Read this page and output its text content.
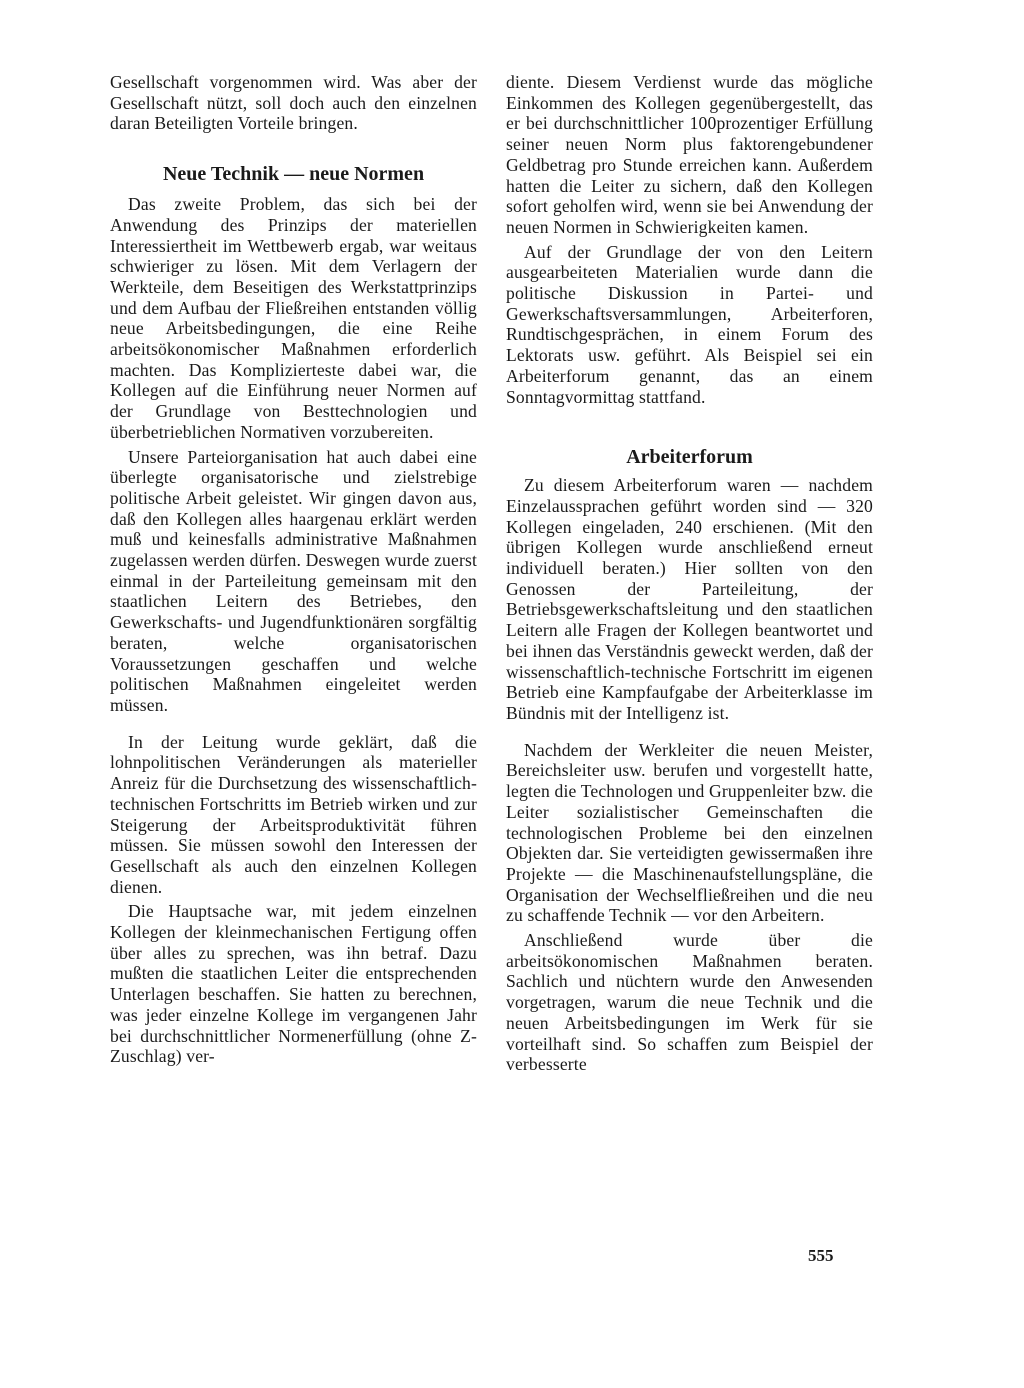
Gesellschaft vorgenommen wird. Was aber der Gesellschaft nützt, soll doch auch den einzelnen daran Beteiligten Vorteile bringen.

Neue Technik — neue Normen

Das zweite Problem, das sich bei der Anwendung des Prinzips der materiellen Interessiertheit im Wettbewerb ergab, war weitaus schwieriger zu lösen. Mit dem Verlagern der Werkteile, dem Beseitigen des Werkstattprinzips und dem Aufbau der Fließreihen entstanden völlig neue Arbeitsbedingungen, die eine Reihe arbeitsökonomischer Maßnahmen erforderlich machten. Das Komplizierteste dabei war, die Kollegen auf die Einführung neuer Normen auf der Grundlage von Besttechnologien und überbetrieblichen Normativen vorzubereiten.

Unsere Parteiorganisation hat auch dabei eine überlegte organisatorische und zielstrebige politische Arbeit geleistet. Wir gingen davon aus, daß den Kollegen alles haargenau erklärt werden muß und keinesfalls administrative Maßnahmen zugelassen werden dürfen. Deswegen wurde zuerst einmal in der Parteileitung gemeinsam mit den staatlichen Leitern des Betriebes, den Gewerkschafts- und Jugendfunktionären sorgfältig beraten, welche organisatorischen Voraussetzungen geschaffen und welche politischen Maßnahmen eingeleitet werden müssen.

In der Leitung wurde geklärt, daß die lohnpolitischen Veränderungen als materieller Anreiz für die Durchsetzung des wissenschaftlich-technischen Fortschritts im Betrieb wirken und zur Steigerung der Arbeitsproduktivität führen müssen. Sie müssen sowohl den Interessen der Gesellschaft als auch den einzelnen Kollegen dienen.

Die Hauptsache war, mit jedem einzelnen Kollegen der kleinmechanischen Fertigung offen über alles zu sprechen, was ihn betraf. Dazu mußten die staatlichen Leiter die entsprechenden Unterlagen beschaffen. Sie hatten zu berechnen, was jeder einzelne Kollege im vergangenen Jahr bei durchschnittlicher Normenerfüllung (ohne Z-Zuschlag) ver-

diente. Diesem Verdienst wurde das mögliche Einkommen des Kollegen gegenübergestellt, das er bei durchschnittlicher 100prozentiger Erfüllung seiner neuen Norm plus faktorengebundener Geldbetrag pro Stunde erreichen kann. Außerdem hatten die Leiter zu sichern, daß den Kollegen sofort geholfen wird, wenn sie bei Anwendung der neuen Normen in Schwierigkeiten kamen.

Auf der Grundlage der von den Leitern ausgearbeiteten Materialien wurde dann die politische Diskussion in Partei- und Gewerkschaftsversammlungen, Arbeiterforen, Rundtischgesprächen, in einem Forum des Lektorats usw. geführt. Als Beispiel sei ein Arbeiterforum genannt, das an einem Sonntagvormittag stattfand.

Arbeiterforum

Zu diesem Arbeiterforum waren — nachdem Einzelaussprachen geführt worden sind — 320 Kollegen eingeladen, 240 erschienen. (Mit den übrigen Kollegen wurde anschließend erneut individuell beraten.) Hier sollten von den Genossen der Parteileitung, der Betriebsgewerkschaftsleitung und den staatlichen Leitern alle Fragen der Kollegen beantwortet und bei ihnen das Verständnis geweckt werden, daß der wissenschaftlich-technische Fortschritt im eigenen Betrieb eine Kampfaufgabe der Arbeiterklasse im Bündnis mit der Intelligenz ist.

Nachdem der Werkleiter die neuen Meister, Bereichsleiter usw. berufen und vorgestellt hatte, legten die Technologen und Gruppenleiter bzw. die Leiter sozialistischer Gemeinschaften die technologischen Probleme bei den einzelnen Objekten dar. Sie verteidigten gewissermaßen ihre Projekte — die Maschinenaufstellungspläne, die Organisation der Wechselfließreihen und die neu zu schaffende Technik — vor den Arbeitern.

Anschließend wurde über die arbeitsökonomischen Maßnahmen beraten. Sachlich und nüchtern wurde den Anwesenden vorgetragen, warum die neue Technik und die neuen Arbeitsbedingungen im Werk für sie vorteilhaft sind. So schaffen zum Beispiel der verbesserte

555
